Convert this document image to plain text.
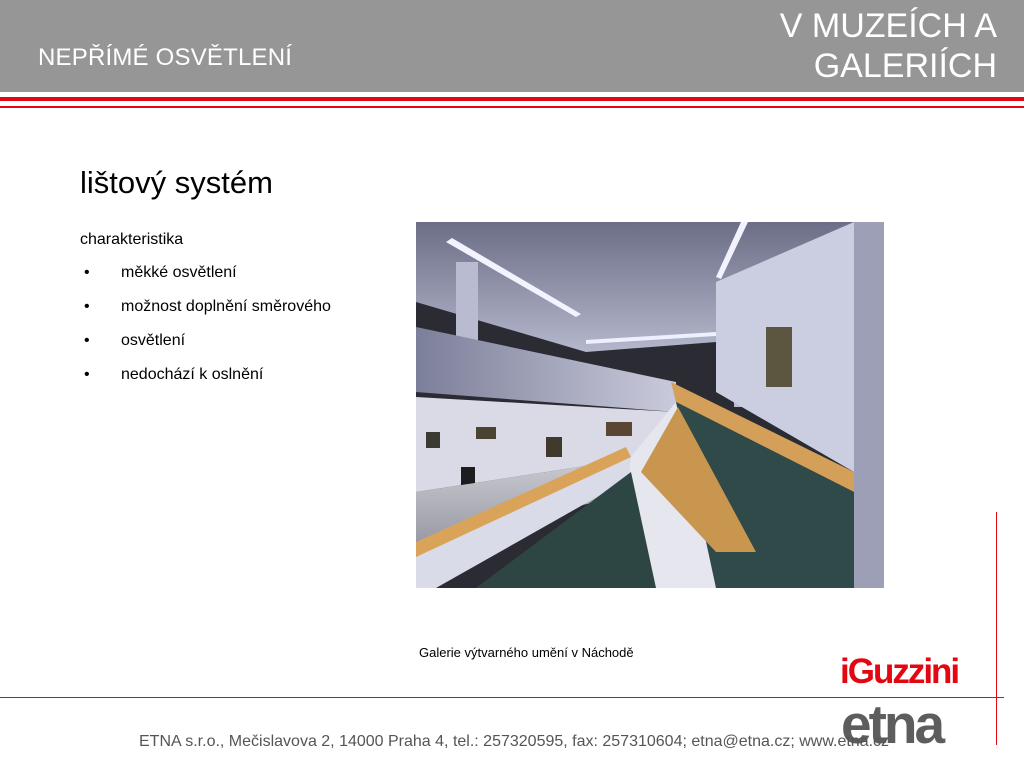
NEPŘÍMÉ OSVĚTLENÍ
V MUZEÍCH A
GALERIÍCH
lištový systém
charakteristika
• měkké osvětlení
• možnost doplnění směrového
• osvětlení
• nedochází k oslnění
Galerie výtvarného umění v Náchodě	iGuzzini
etna
ETNA s.r.o., Mečislavova 2, 14000 Praha 4, tel.: 257320595, fax: 257310604; etna@etna.cz; www.etna.cz
